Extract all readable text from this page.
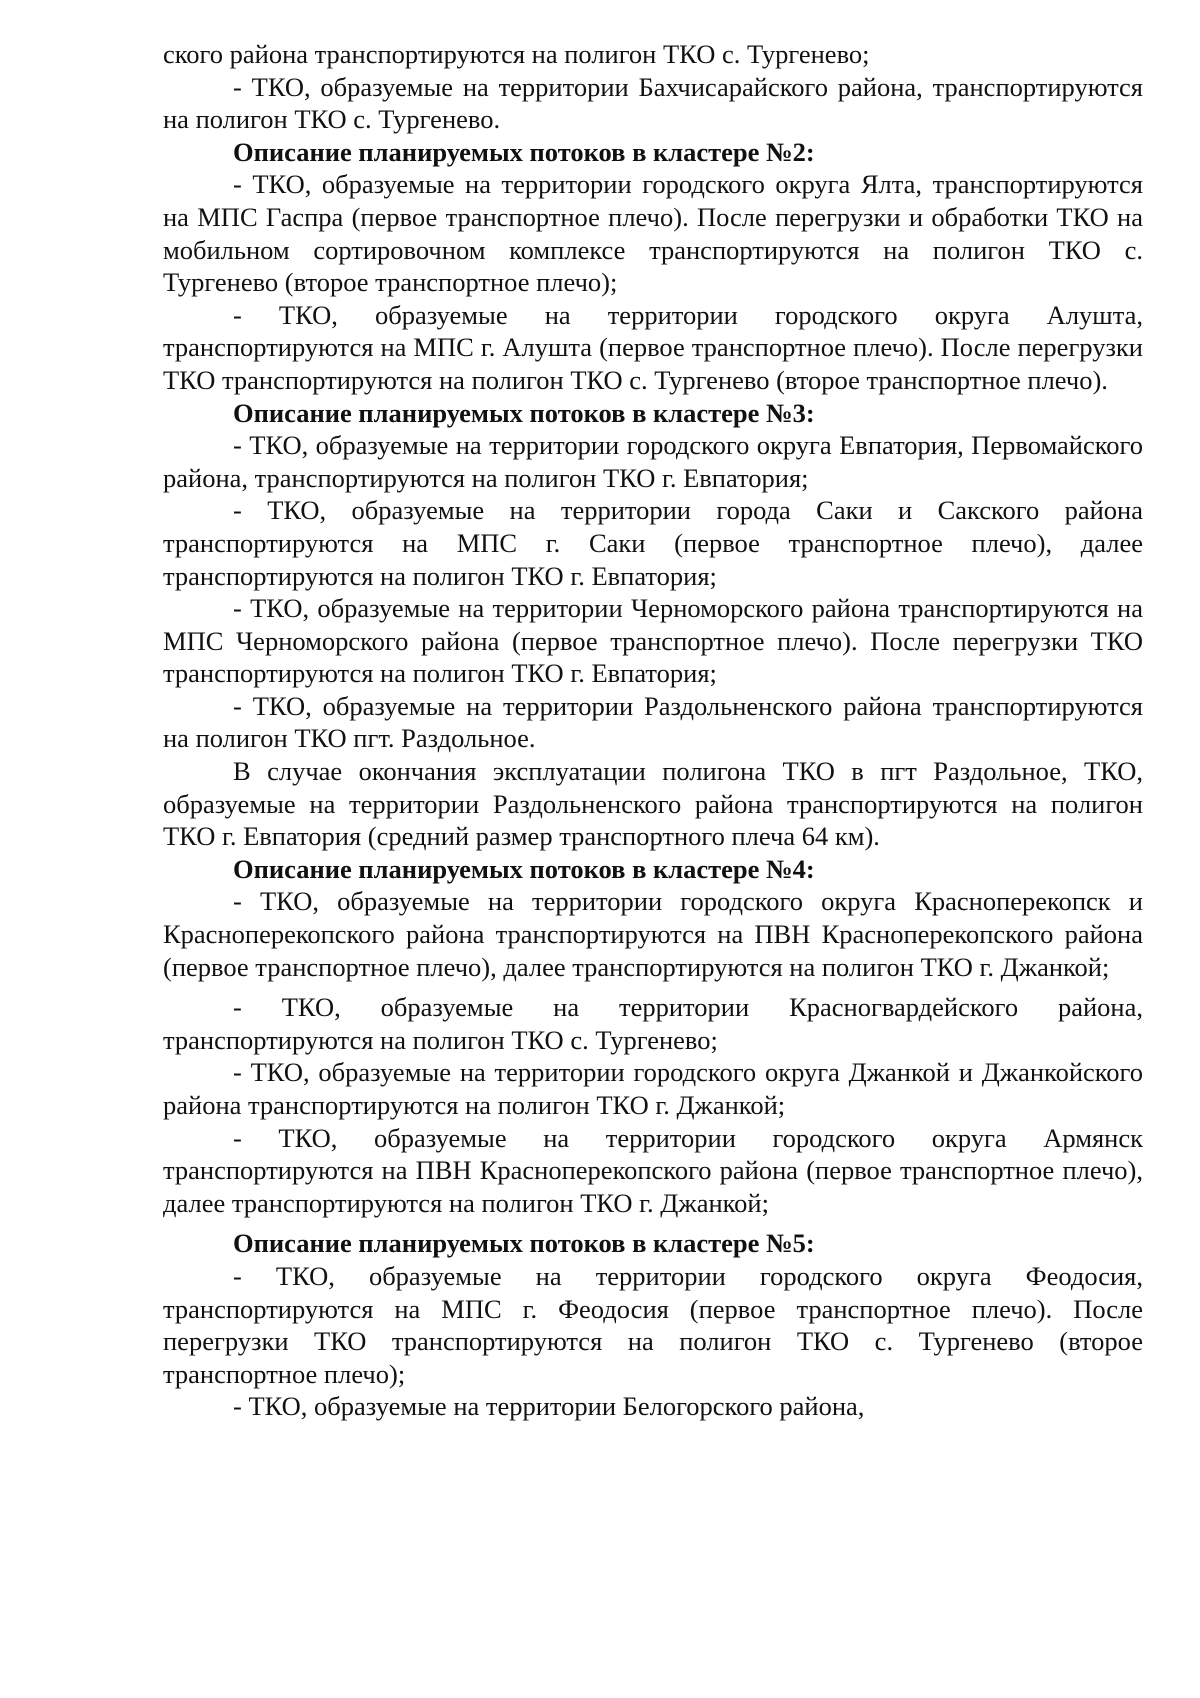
ского района транспортируются на полигон ТКО с. Тургенево;

- ТКО, образуемые на территории Бахчисарайского района, транспортируются на полигон ТКО с. Тургенево.

Описание планируемых потоков в кластере №2:

- ТКО, образуемые на территории городского округа Ялта, транспортируются на МПС Гаспра (первое транспортное плечо). После перегрузки и обработки ТКО на мобильном сортировочном комплексе транспортируются на полигон ТКО с. Тургенево (второе транспортное плечо);

- ТКО, образуемые на территории городского округа Алушта, транспортируются на МПС г. Алушта (первое транспортное плечо). После перегрузки ТКО транспортируются на полигон ТКО с. Тургенево (второе транспортное плечо).

Описание планируемых потоков в кластере №3:

- ТКО, образуемые на территории городского округа Евпатория, Первомайского района, транспортируются на полигон ТКО г. Евпатория;

- ТКО, образуемые на территории города Саки и Сакского района транспортируются на МПС г. Саки (первое транспортное плечо), далее транспортируются на полигон ТКО г. Евпатория;

- ТКО, образуемые на территории Черноморского района транспортируются на МПС Черноморского района (первое транспортное плечо). После перегрузки ТКО транспортируются на полигон ТКО г. Евпатория;

- ТКО, образуемые на территории Раздольненского района транспортируются на полигон ТКО пгт. Раздольное.

В случае окончания эксплуатации полигона ТКО в пгт Раздольное, ТКО, образуемые на территории Раздольненского района транспортируются на полигон ТКО г. Евпатория (средний размер транспортного плеча 64 км).

Описание планируемых потоков в кластере №4:

- ТКО, образуемые на территории городского округа Красноперекопск и Красноперекопского района транспортируются на ПВН Красноперекопского района (первое транспортное плечо), далее транспортируются на полигон ТКО г. Джанкой;

- ТКО, образуемые на территории Красногвардейского района, транспортируются на полигон ТКО с. Тургенево;

- ТКО, образуемые на территории городского округа Джанкой и Джанкойского района транспортируются на полигон ТКО г. Джанкой;

- ТКО, образуемые на территории городского округа Армянск транспортируются на ПВН Красноперекопского района (первое транспортное плечо), далее транспортируются на полигон ТКО г. Джанкой;

Описание планируемых потоков в кластере №5:

- ТКО, образуемые на территории городского округа Феодосия, транспортируются на МПС г. Феодосия (первое транспортное плечо). После перегрузки ТКО транспортируются на полигон ТКО с. Тургенево (второе транспортное плечо);

- ТКО, образуемые на территории Белогорского района,
